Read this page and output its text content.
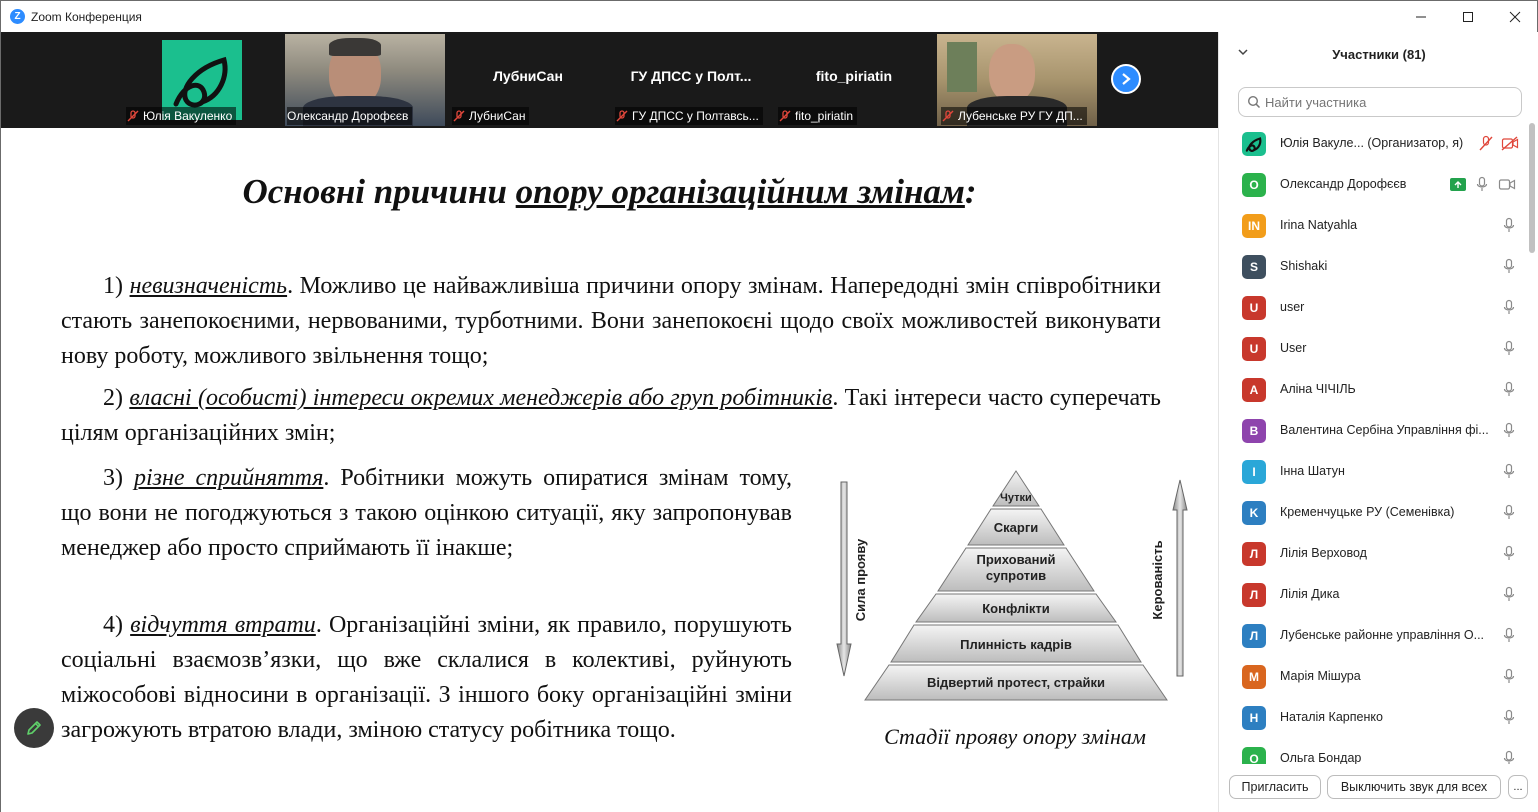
Z Zoom Конференция
Юлія Вакуленко	Олександр Дорофєєв
ЛубниСан
ЛубниСан
ГУ ДПСС у Полт...
ГУ ДПСС у Полтавсь...
fito_piriatin
fito_piriatin	Лубенське РУ ГУ ДП...
Основні причини опору організаційним змінам:
1) невизначеність. Можливо це найважливіша причини опору змінам. Напередодні змін співробітники стають занепокоєними, нервованими, турботними. Вони занепокоєні щодо своїх можливостей виконувати нову роботу, можливого звільнення тощо;
2) власні (особисті) інтереси окремих менеджерів або груп робітників. Такі інтереси часто суперечать цілям організаційних змін;
3) різне сприйняття. Робітники можуть опиратися змінам тому, що вони не погоджуються з такою оцінкою ситуації, яку запропонував менеджер або просто сприймають її інакше;
4) відчуття втрати. Організаційні зміни, як правило, порушують соціальні взаємозв’язки, що вже склалися в колективі, руйнують міжособові відносини в організації. З іншого боку організаційні зміни загрожують втратою влади, зміною статусу робітника тощо.
Чутки
Скарги
Прихований
супротив
Конфлікти
Плинність кадрів
Відвертий протест, страйки
Сила прояву	Керованість
Стадії прояву опору змінам
Участники (81)
Найти участника
Юлія Вакуле... (Организатор, я)
О	Олександр Дорофєєв
IN	Irina Natyahla
S	Shishaki
U	user
U	User
A	Аліна ЧІЧІЛЬ
B	Валентина Сербіна Управління фі...
I	Інна Шатун
K	Кременчуцьке РУ (Семенівка)
Л	Лілія Верховод
Л	Лілія Дика
Л	Лубенське районне управління О...
М	Марія Мішура
Н	Наталія Карпенко
О	Ольга Бондар
Пригласить	Выключить звук для всех	...
